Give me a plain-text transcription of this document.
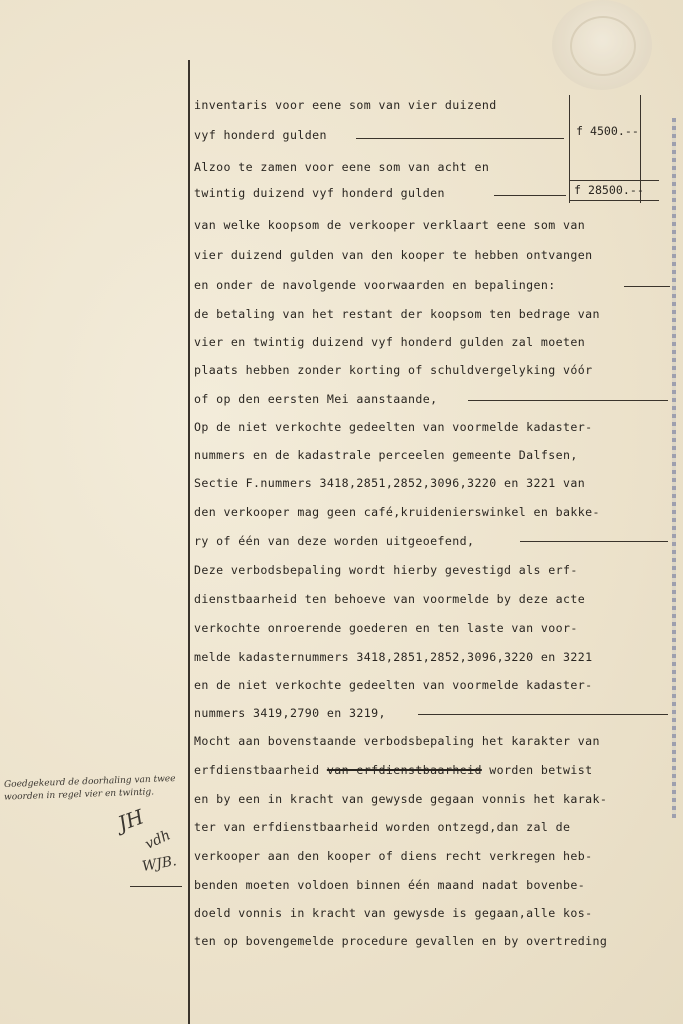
f 4500.--
f 28500.--
inventaris voor eene som van vier duizend
vyf honderd gulden
Alzoo te zamen voor eene som van acht en
twintig duizend vyf honderd gulden
van welke koopsom de verkooper verklaart eene som van
vier duizend gulden van den kooper te hebben ontvangen
en onder de navolgende voorwaarden en bepalingen:
de betaling van het restant der koopsom ten bedrage van
vier en twintig duizend vyf honderd gulden zal moeten
plaats hebben zonder korting of schuldvergelyking vóór
of op den eersten Mei aanstaande,
Op de niet verkochte gedeelten van voormelde kadaster-
nummers en de kadastrale perceelen gemeente Dalfsen,
Sectie F.nummers 3418,2851,2852,3096,3220 en 3221 van
den verkooper mag geen café,kruidenierswinkel en bakke-
ry of één van deze worden uitgeoefend,
Deze verbodsbepaling wordt hierby gevestigd als erf-
dienstbaarheid ten behoeve van voormelde by deze acte
verkochte onroerende goederen en ten laste van voor-
melde kadasternummers 3418,2851,2852,3096,3220 en 3221
en de niet verkochte gedeelten van voormelde kadaster-
nummers 3419,2790 en 3219,
Mocht aan bovenstaande verbodsbepaling het karakter van
erfdienstbaarheid van erfdienstbaarheid worden betwist
en by een in kracht van gewysde gegaan vonnis het karak-
ter van erfdienstbaarheid worden ontzegd,dan zal de
verkooper aan den kooper of diens recht verkregen heb-
benden moeten voldoen binnen één maand nadat bovenbe-
doeld vonnis in kracht van gewysde is gegaan,alle kos-
ten op bovengemelde procedure gevallen en by overtreding
Goedgekeurd de doorhaling van twee
woorden in regel vier en twintig.
JH
vdh
WJB.
